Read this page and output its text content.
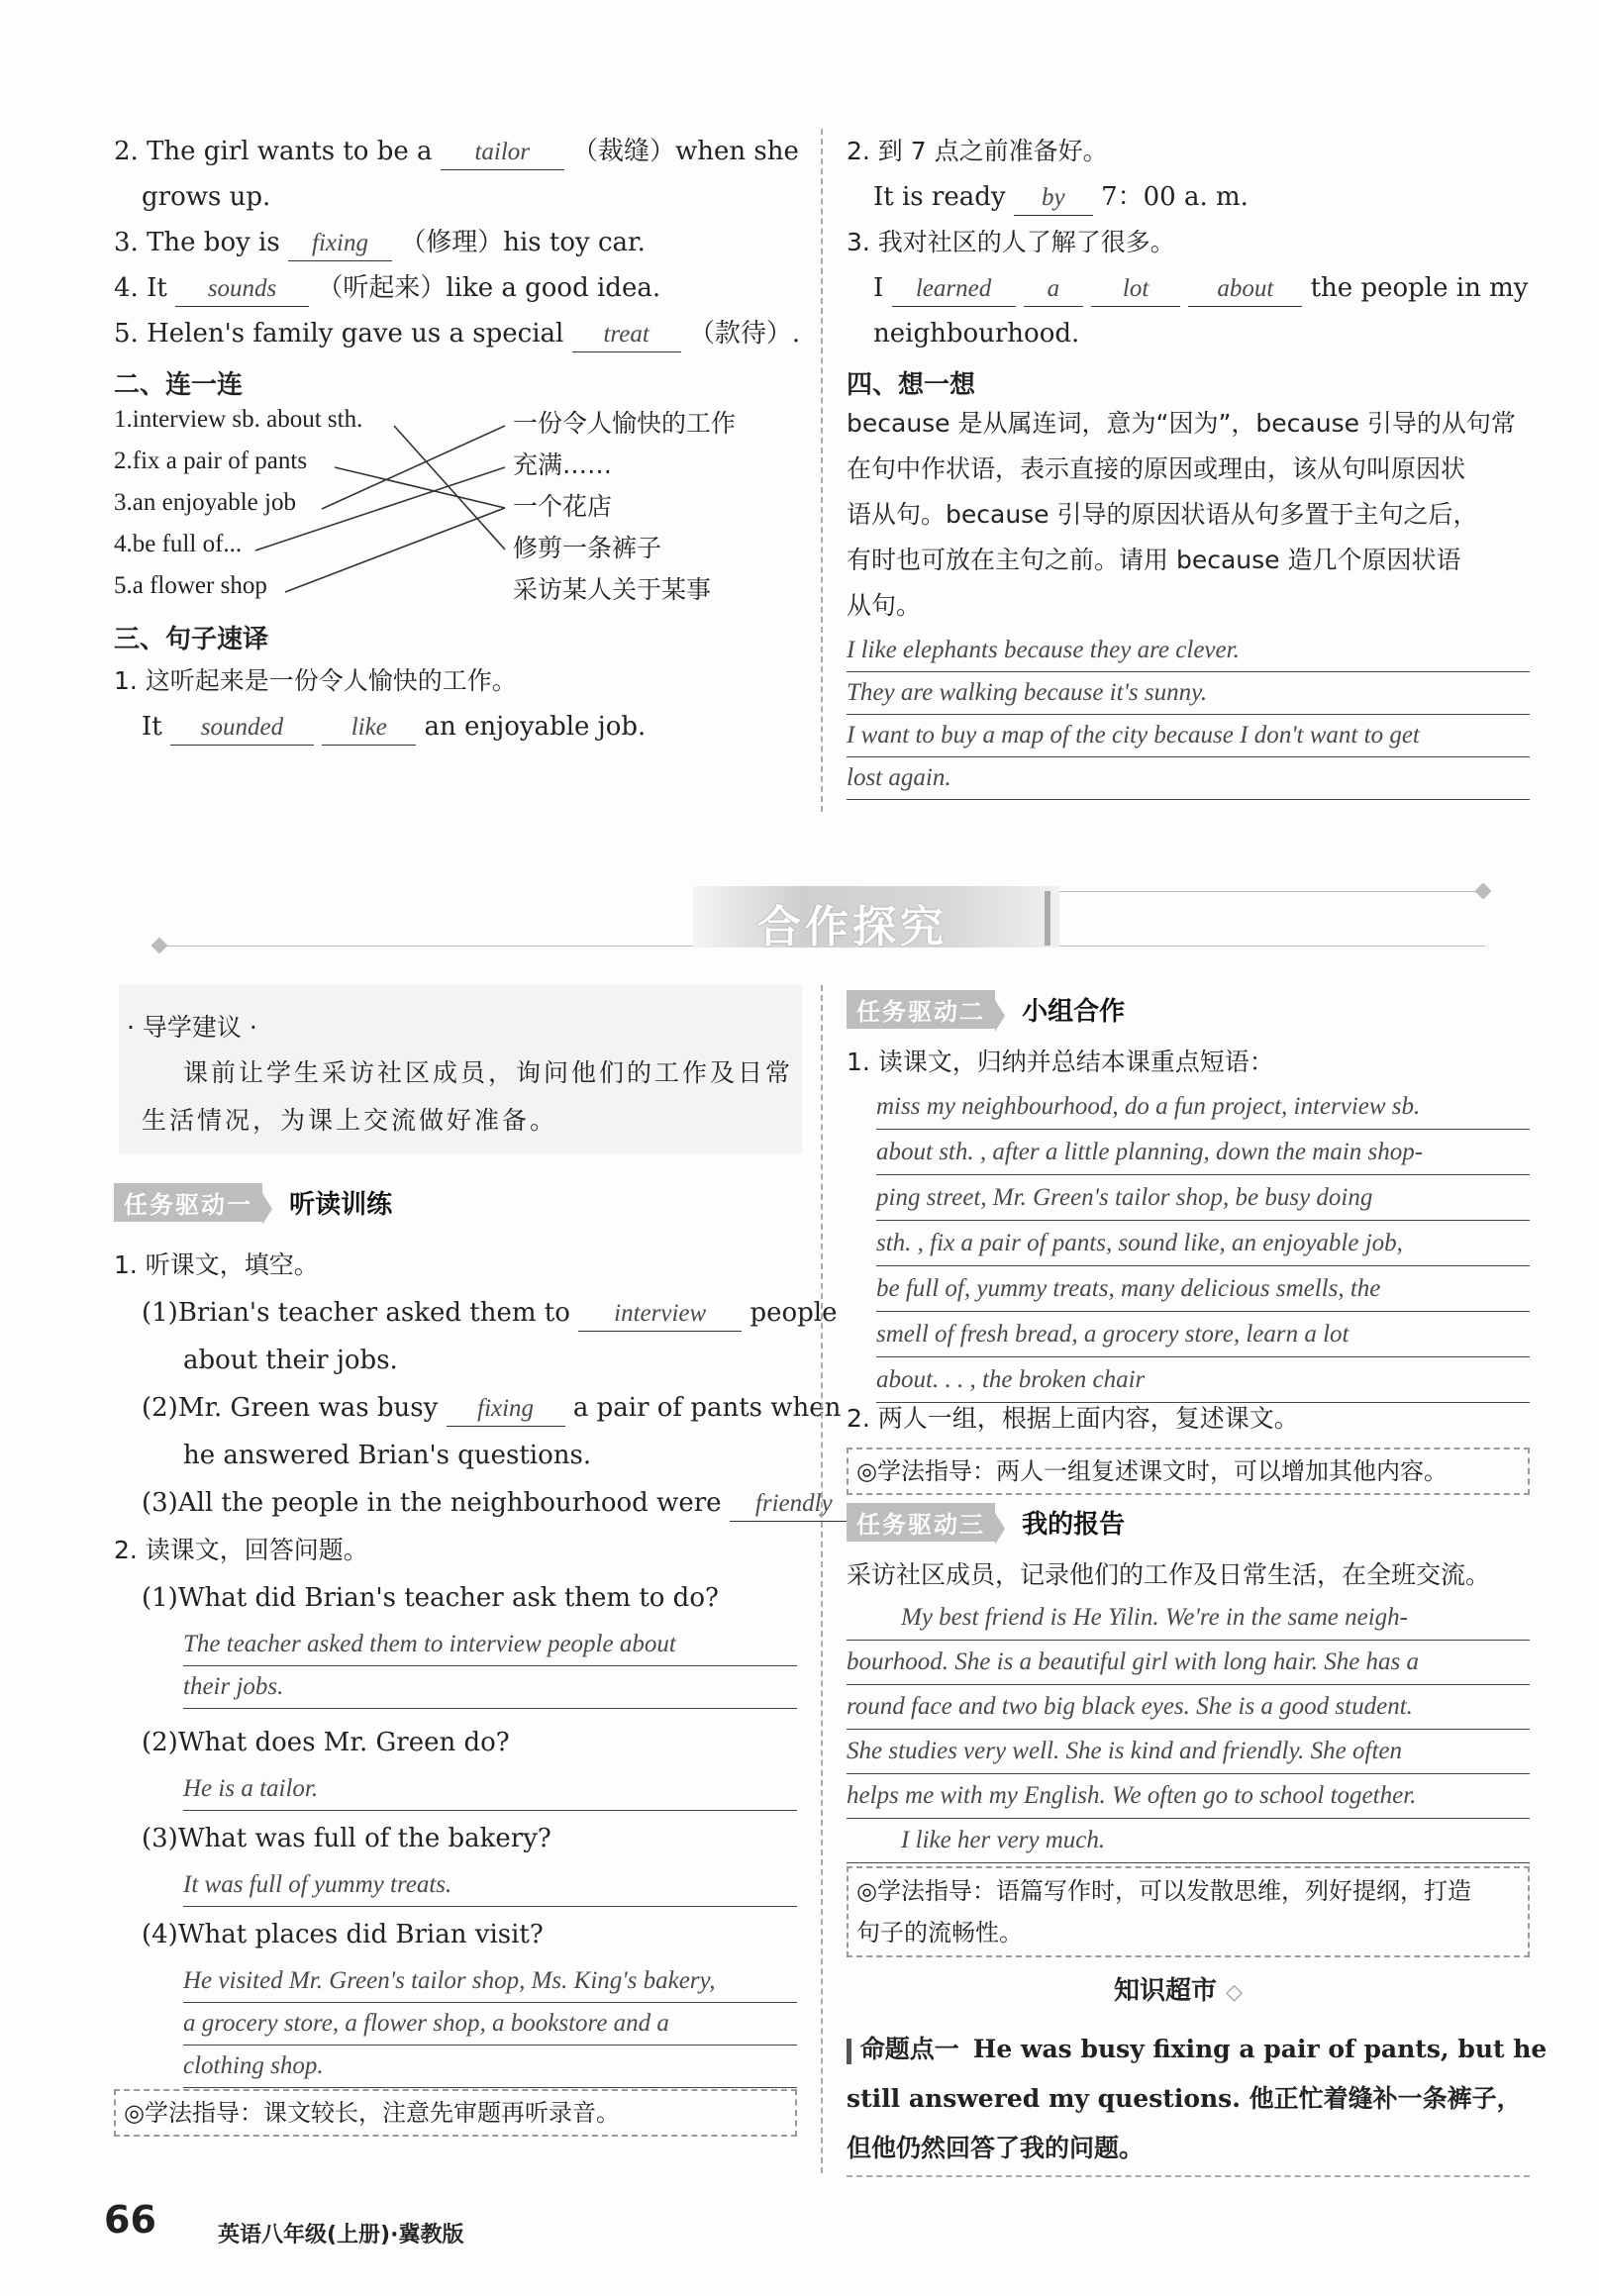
2. The girl wants to be a tailor （裁缝）when she
grows up.
3. The boy is fixing （修理）his toy car.
4. It sounds （听起来）like a good idea.
5. Helen's family gave us a special treat （款待）.
二、连一连
1.interview sb. about sth.
2.fix a pair of pants
3.an enjoyable job
4.be full of...
5.a flower shop
一份令人愉快的工作
充满……
一个花店
修剪一条裤子
采访某人关于某事
三、句子速译
1. 这听起来是一份令人愉快的工作。
It sounded	like an enjoyable job.
2. 到 7 点之前准备好。
It is ready by 7：00 a. m.
3. 我对社区的人了解了很多。
I learned a	lot	about the people in my
neighbourhood.
四、想一想
because 是从属连词，意为“因为”，because 引导的从句常
在句中作状语，表示直接的原因或理由，该从句叫原因状
语从句。because 引导的原因状语从句多置于主句之后，
有时也可放在主句之前。请用 because 造几个原因状语
从句。
I like elephants because they are clever.
They are walking because it's sunny.
I want to buy a map of the city because I don't want to get
lost again.
合作探究
· 导学建议 ·
课前让学生采访社区成员，询问他们的工作及日常
生活情况，为课上交流做好准备。
任务驱动一 听读训练
1. 听课文，填空。
(1)Brian's teacher asked them to interview people
about their jobs.
(2)Mr. Green was busy fixing a pair of pants when
he answered Brian's questions.
(3)All the people in the neighbourhood were friendly
2. 读课文，回答问题。
(1)What did Brian's teacher ask them to do?
The teacher asked them to interview people about
their jobs.
(2)What does Mr. Green do?
He is a tailor.
(3)What was full of the bakery?
It was full of yummy treats.
(4)What places did Brian visit?
He visited Mr. Green's tailor shop, Ms. King's bakery,
a grocery store, a flower shop, a bookstore and a
clothing shop.
◎学法指导：课文较长，注意先审题再听录音。
任务驱动二 小组合作
1. 读课文，归纳并总结本课重点短语：
miss my neighbourhood, do a fun project, interview sb.
about sth. , after a little planning, down the main shop-
ping street, Mr. Green's tailor shop, be busy doing
sth. , fix a pair of pants, sound like, an enjoyable job,
be full of, yummy treats, many delicious smells, the
smell of fresh bread, a grocery store, learn a lot
about. . . , the broken chair
2. 两人一组，根据上面内容，复述课文。
◎学法指导：两人一组复述课文时，可以增加其他内容。
任务驱动三 我的报告
采访社区成员，记录他们的工作及日常生活，在全班交流。
My best friend is He Yilin. We're in the same neigh-
bourhood. She is a beautiful girl with long hair. She has a
round face and two big black eyes. She is a good student.
She studies very well. She is kind and friendly. She often
helps me with my English. We often go to school together.
I like her very much.
◎学法指导：语篇写作时，可以发散思维，列好提纲，打造
句子的流畅性。
知识超市 ◇
命题点一 He was busy fixing a pair of pants, but he
still answered my questions. 他正忙着缝补一条裤子，
但他仍然回答了我的问题。
66	英语八年级(上册)·冀教版
